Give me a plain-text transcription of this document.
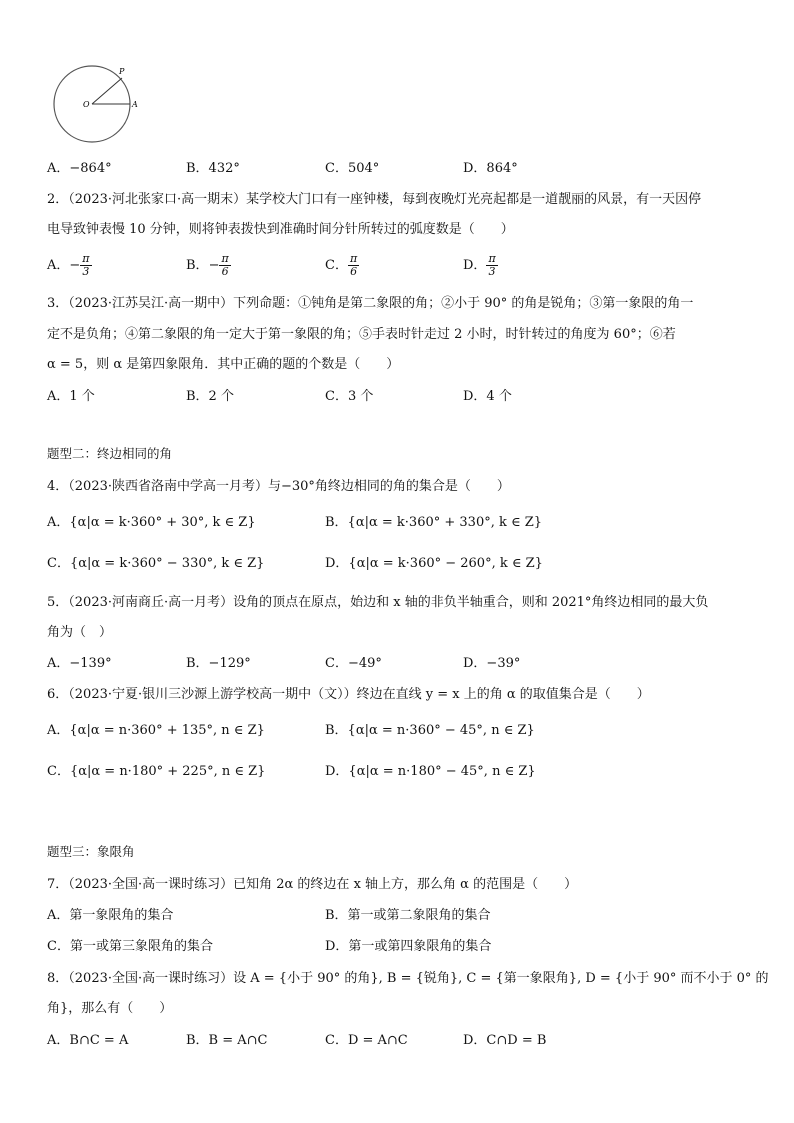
P
O	A
A．−864°	B．432°	C．504°	D．864°
2．（2023·河北张家口·高一期末）某学校大门口有一座钟楼，每到夜晚灯光亮起都是一道靓丽的风景，有一天因停
电导致钟表慢 10 分钟，则将钟表拨快到准确时间分针所转过的弧度数是（　　）
A．− $\frac{\pi}{3}$	B．− $\frac{\pi}{6}$	C． $\frac{\pi}{6}$	D． $\frac{\pi}{3}$
3．（2023·江苏吴江·高一期中）下列命题：①钝角是第二象限的角；②小于 90° 的角是锐角；③第一象限的角一
定不是负角；④第二象限的角一定大于第一象限的角；⑤手表时针走过 2 小时，时针转过的角度为 60°；⑥若
α = 5，则 α 是第四象限角．其中正确的题的个数是（　　）
A．1 个	B．2 个	C．3 个	D．4 个
题型二：终边相同的角
4．（2023·陕西省洛南中学高一月考）与−30°角终边相同的角的集合是（　　）
A．{α|α = k·360° + 30°, k ∈ Z}	B．{α|α = k·360° + 330°, k ∈ Z}
C．{α|α = k·360° − 330°, k ∈ Z}	D．{α|α = k·360° − 260°, k ∈ Z}
5．（2023·河南商丘·高一月考）设角的顶点在原点，始边和 x 轴的非负半轴重合，则和 2021°角终边相同的最大负
角为（　）
A．−139°	B．−129°	C．−49°	D．−39°
6．（2023·宁夏·银川三沙源上游学校高一期中（文））终边在直线 y = x 上的角 α 的取值集合是（　　）
A．{α|α = n·360° + 135°, n ∈ Z}	B．{α|α = n·360° − 45°, n ∈ Z}
C．{α|α = n·180° + 225°, n ∈ Z}	D．{α|α = n·180° − 45°, n ∈ Z}
题型三：象限角
7．（2023·全国·高一课时练习）已知角 2α 的终边在 x 轴上方，那么角 α 的范围是（　　）
A．第一象限角的集合	B．第一或第二象限角的集合
C．第一或第三象限角的集合	D．第一或第四象限角的集合
8．（2023·全国·高一课时练习）设 A = {小于 90° 的角}, B = {锐角}, C = {第一象限角}, D = {小于 90° 而不小于 0° 的
角}，那么有（　　）
A．B∩C = A	B．B = A∩C	C．D = A∩C	D．C∩D = B
